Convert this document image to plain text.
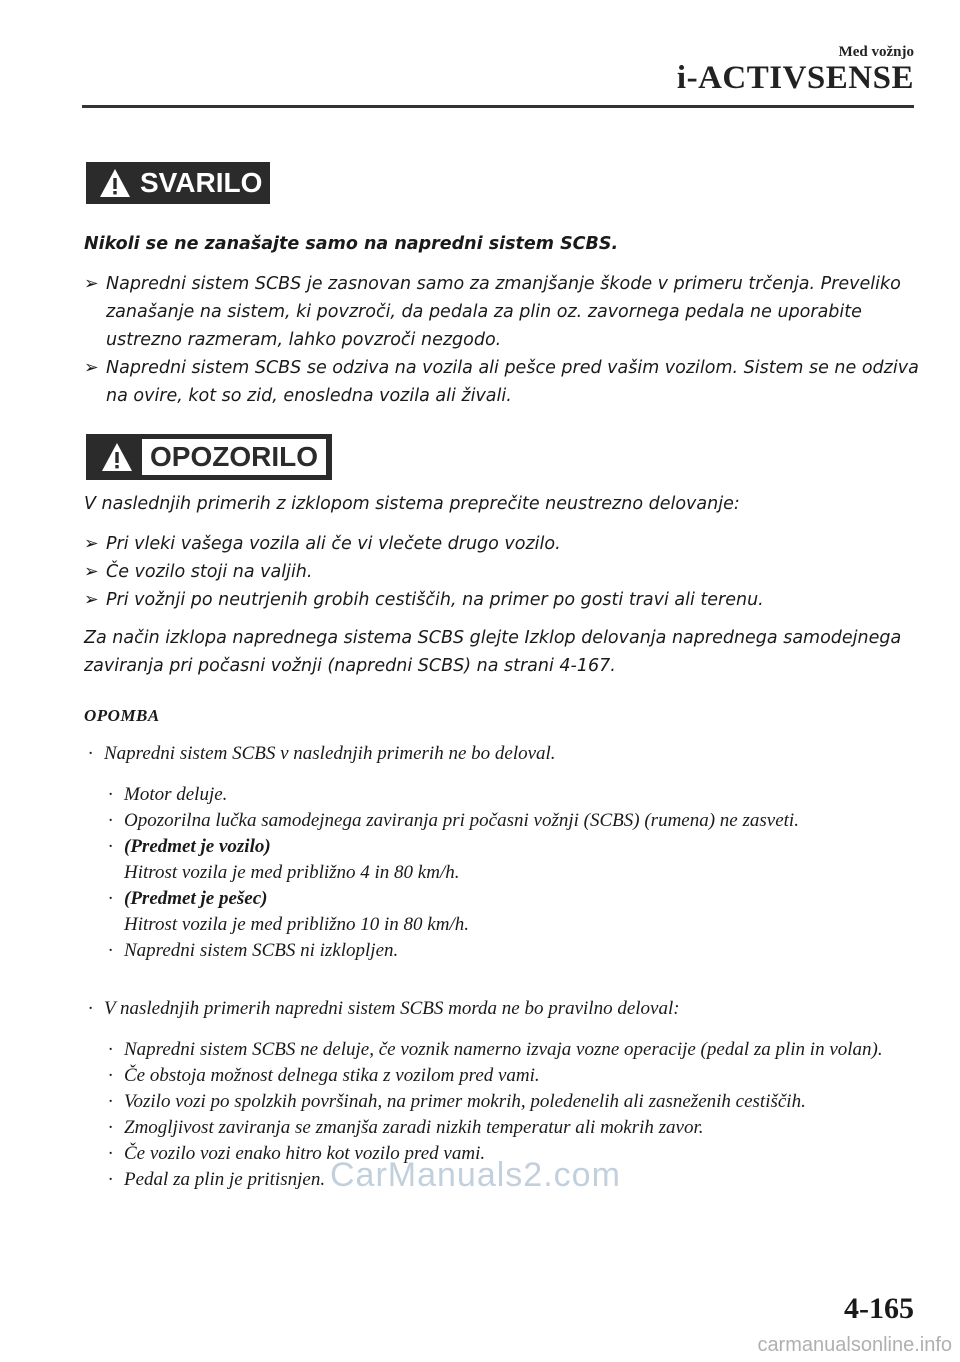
Med vožnjo
i-ACTIVSENSE
SVARILO
Nikoli se ne zanašajte samo na napredni sistem SCBS.
➢ Napredni sistem SCBS je zasnovan samo za zmanjšanje škode v primeru trčenja. Preveliko zanašanje na sistem, ki povzroči, da pedala za plin oz. zavornega pedala ne uporabite ustrezno razmeram, lahko povzroči nezgodo.
➢ Napredni sistem SCBS se odziva na vozila ali pešce pred vašim vozilom. Sistem se ne odziva na ovire, kot so zid, enosledna vozila ali živali.
OPOZORILO
V naslednjih primerih z izklopom sistema preprečite neustrezno delovanje:
➢ Pri vleki vašega vozila ali če vi vlečete drugo vozilo.
➢ Če vozilo stoji na valjih.
➢ Pri vožnji po neutrjenih grobih cestiščih, na primer po gosti travi ali terenu.
Za način izklopa naprednega sistema SCBS glejte Izklop delovanja naprednega samodejnega zaviranja pri počasni vožnji (napredni SCBS) na strani 4-167.
OPOMBA
· Napredni sistem SCBS v naslednjih primerih ne bo deloval.
· Motor deluje.
· Opozorilna lučka samodejnega zaviranja pri počasni vožnji (SCBS) (rumena) ne zasveti.
· (Predmet je vozilo)
Hitrost vozila je med približno 4 in 80 km/h.
· (Predmet je pešec)
Hitrost vozila je med približno 10 in 80 km/h.
· Napredni sistem SCBS ni izklopljen.
· V naslednjih primerih napredni sistem SCBS morda ne bo pravilno deloval:
· Napredni sistem SCBS ne deluje, če voznik namerno izvaja vozne operacije (pedal za plin in volan).
· Če obstoja možnost delnega stika z vozilom pred vami.
· Vozilo vozi po spolzkih površinah, na primer mokrih, poledenelih ali zasneženih cestiščih.
· Zmogljivost zaviranja se zmanjša zaradi nizkih temperatur ali mokrih zavor.
· Če vozilo vozi enako hitro kot vozilo pred vami.
· Pedal za plin je pritisnjen. CarManuals2.com
4-165
carmanualsonline.info
